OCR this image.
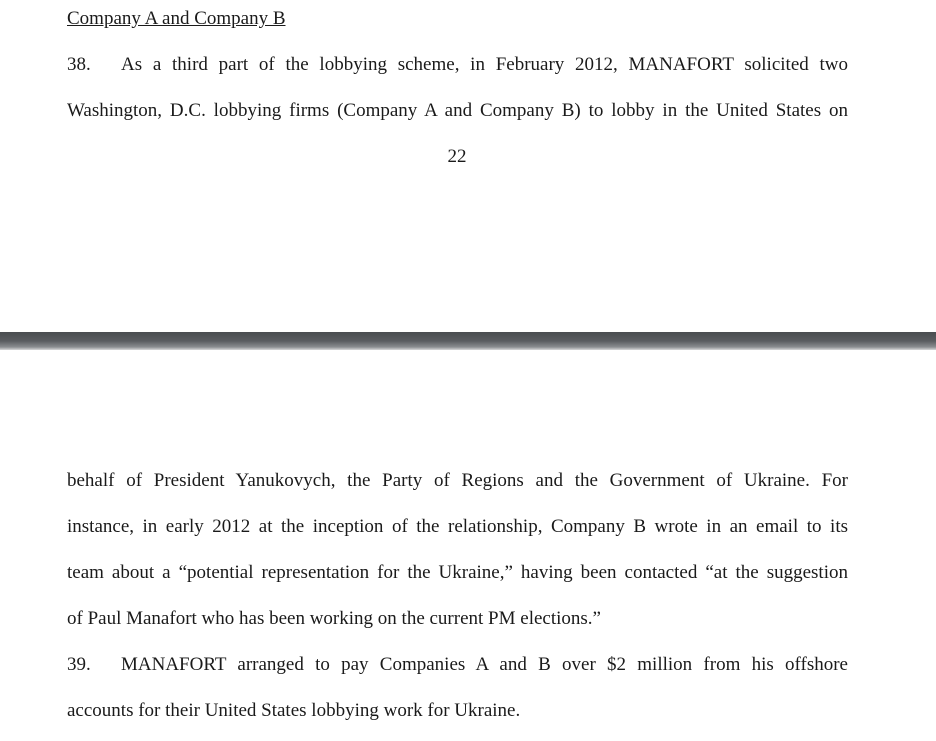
Company A and Company B
38. As a third part of the lobbying scheme, in February 2012, MANAFORT solicited two
Washington, D.C. lobbying firms (Company A and Company B) to lobby in the United States on
22
behalf of President Yanukovych, the Party of Regions and the Government of Ukraine. For
instance, in early 2012 at the inception of the relationship, Company B wrote in an email to its
team about a “potential representation for the Ukraine,” having been contacted “at the suggestion
of Paul Manafort who has been working on the current PM elections.”
39. MANAFORT arranged to pay Companies A and B over $2 million from his offshore
accounts for their United States lobbying work for Ukraine.
